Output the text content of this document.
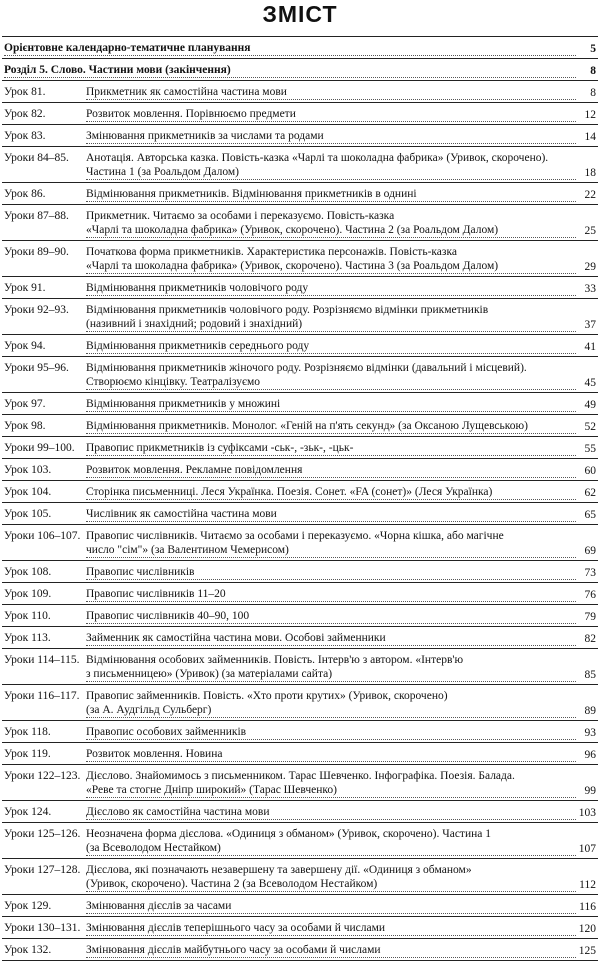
ЗМІСТ
Орієнтовне календарно-тематичне планування	5
Розділ 5. Слово. Частини мови (закінчення)	8
Урок 81.	Прикметник як самостійна частина мови	8
Урок 82.	Розвиток мовлення. Порівнюємо предмети	12
Урок 83.	Змінювання прикметників за числами та родами	14
Уроки 84–85.	Анотація. Авторська казка. Повість-казка «Чарлі та шоколадна фабрика» (Уривок, скорочено).
Частина 1 (за Роальдом Далом)	18
Урок 86.	Відмінювання прикметників. Відмінювання прикметників в однині	22
Уроки 87–88.	Прикметник. Читаємо за особами і переказуємо. Повість-казка
«Чарлі та шоколадна фабрика» (Уривок, скорочено). Частина 2 (за Роальдом Далом)	25
Уроки 89–90.	Початкова форма прикметників. Характеристика персонажів. Повість-казка
«Чарлі та шоколадна фабрика» (Уривок, скорочено). Частина 3 (за Роальдом Далом)	29
Урок 91.	Відмінювання прикметників чоловічого роду	33
Уроки 92–93.	Відмінювання прикметників чоловічого роду. Розрізняємо відмінки прикметників
(називний і знахідний; родовий і знахідний)	37
Урок 94.	Відмінювання прикметників середнього роду	41
Уроки 95–96.	Відмінювання прикметників жіночого роду. Розрізняємо відмінки (давальний і місцевий).
Створюємо кінцівку. Театралізуємо	45
Урок 97.	Відмінювання прикметників у множині	49
Урок 98.	Відмінювання прикметників. Монолог. «Геній на п'ять секунд» (за Оксаною Лущевською)	52
Уроки 99–100. Правопис прикметників із суфіксами -ськ-, -зьк-, -цьк-	55
Урок 103.	Розвиток мовлення. Рекламне повідомлення	60
Урок 104.	Сторінка письменниці. Леся Українка. Поезія. Сонет. «FA (сонет)» (Леся Українка)	62
Урок 105.	Числівник як самостійна частина мови	65
Уроки 106–107. Правопис числівників. Читаємо за особами і переказуємо. «Чорна кішка, або магічне
число "сім"» (за Валентином Чемерисом)	69
Урок 108.	Правопис числівників	73
Урок 109.	Правопис числівників 11–20	76
Урок 110.	Правопис числівників 40–90, 100	79
Урок 113.	Займенник як самостійна частина мови. Особові займенники	82
Уроки 114–115. Відмінювання особових займенників. Повість. Інтерв'ю з автором. «Інтерв'ю
з письменницею» (Уривок) (за матеріалами сайта)	85
Уроки 116–117. Правопис займенників. Повість. «Хто проти крутих» (Уривок, скорочено)
(за А. Аудгільд Сульберг)	89
Урок 118.	Правопис особових займенників	93
Урок 119.	Розвиток мовлення. Новина	96
Уроки 122–123. Дієслово. Знайомимось з письменником. Тарас Шевченко. Інфографіка. Поезія. Балада.
«Реве та стогне Дніпр широкий» (Тарас Шевченко)	99
Урок 124.	Дієслово як самостійна частина мови	103
Уроки 125–126. Неозначена форма дієслова. «Одиниця з обманом» (Уривок, скорочено). Частина 1
(за Всеволодом Нестайком)	107
Уроки 127–128. Дієслова, які позначають незавершену та завершену дії. «Одиниця з обманом»
(Уривок, скорочено). Частина 2 (за Всеволодом Нестайком)	112
Урок 129.	Змінювання дієслів за часами	116
Уроки 130–131. Змінювання дієслів теперішнього часу за особами й числами	120
Урок 132.	Змінювання дієслів майбутнього часу за особами й числами	125
